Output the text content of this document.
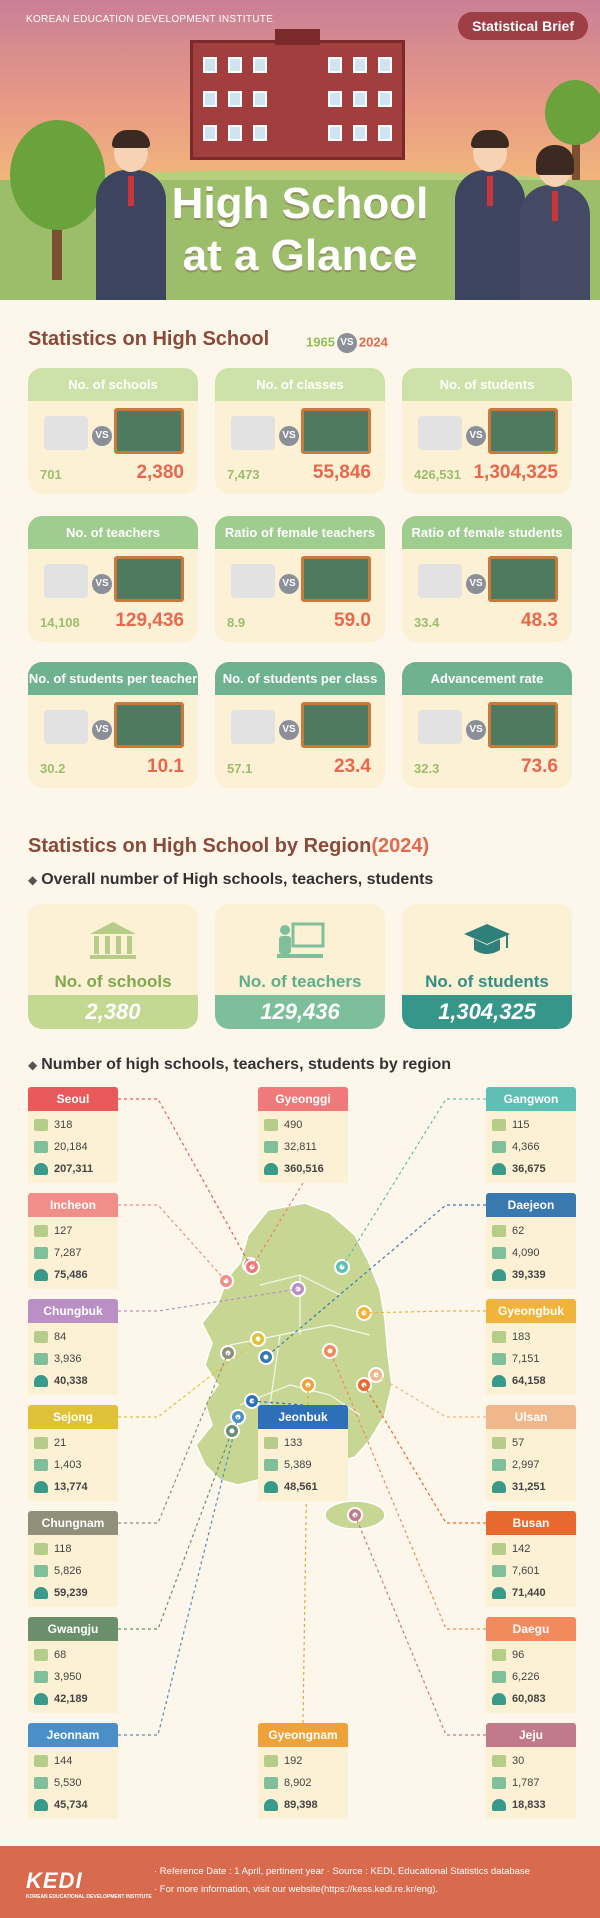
KOREAN EDUCATION DEVELOPMENT INSTITUTE	Statistical Brief
High School
at a Glance
Statistics on High School	1965 VS 2024
No. of schools
VS
701	2,380
No. of classes
VS
7,473	55,846
No. of students
VS
426,531 1,304,325
No. of teachers
VS
14,108 129,436
Ratio of female teachers
VS
8.9	59.0
Ratio of female students
VS
33.4	48.3
No. of students per teacher
VS
30.2	10.1
No. of students per class
VS
57.1	23.4
Advancement rate
VS
32.3	73.6
Statistics on High School by Region(2024)
◆ Overall number of High schools, teachers, students
No. of schools
2,380
No. of teachers
129,436
No. of students
1,304,325
◆ Number of high schools, teachers, students by region
Seoul
318
20,184
207,311
Incheon
127
7,287
75,486
Chungbuk
84
3,936
40,338
Sejong
21
1,403
13,774
Chungnam
118
5,826
59,239
Gwangju
68
3,950
42,189
Jeonnam
144
5,530
45,734
Gyeonggi
490
32,811
360,516
Jeonbuk
133
5,389
48,561
Gyeongnam
192
8,902
89,398
Gangwon
115
4,366
36,675
Daejeon
62
4,090
39,339
Gyeongbuk
183
7,151
64,158
Ulsan
57
2,997
31,251
Busan
142
7,601
71,440
Daegu
96
6,226
60,083
Jeju
30
1,787
18,833
KEDI
KOREAN EDUCATIONAL DEVELOPMENT INSTITUTE
· Reference Date : 1 April, pertinent year · Source : KEDI, Educational Statistics database
· For more information, visit our website(https://kess.kedi.re.kr/eng).
